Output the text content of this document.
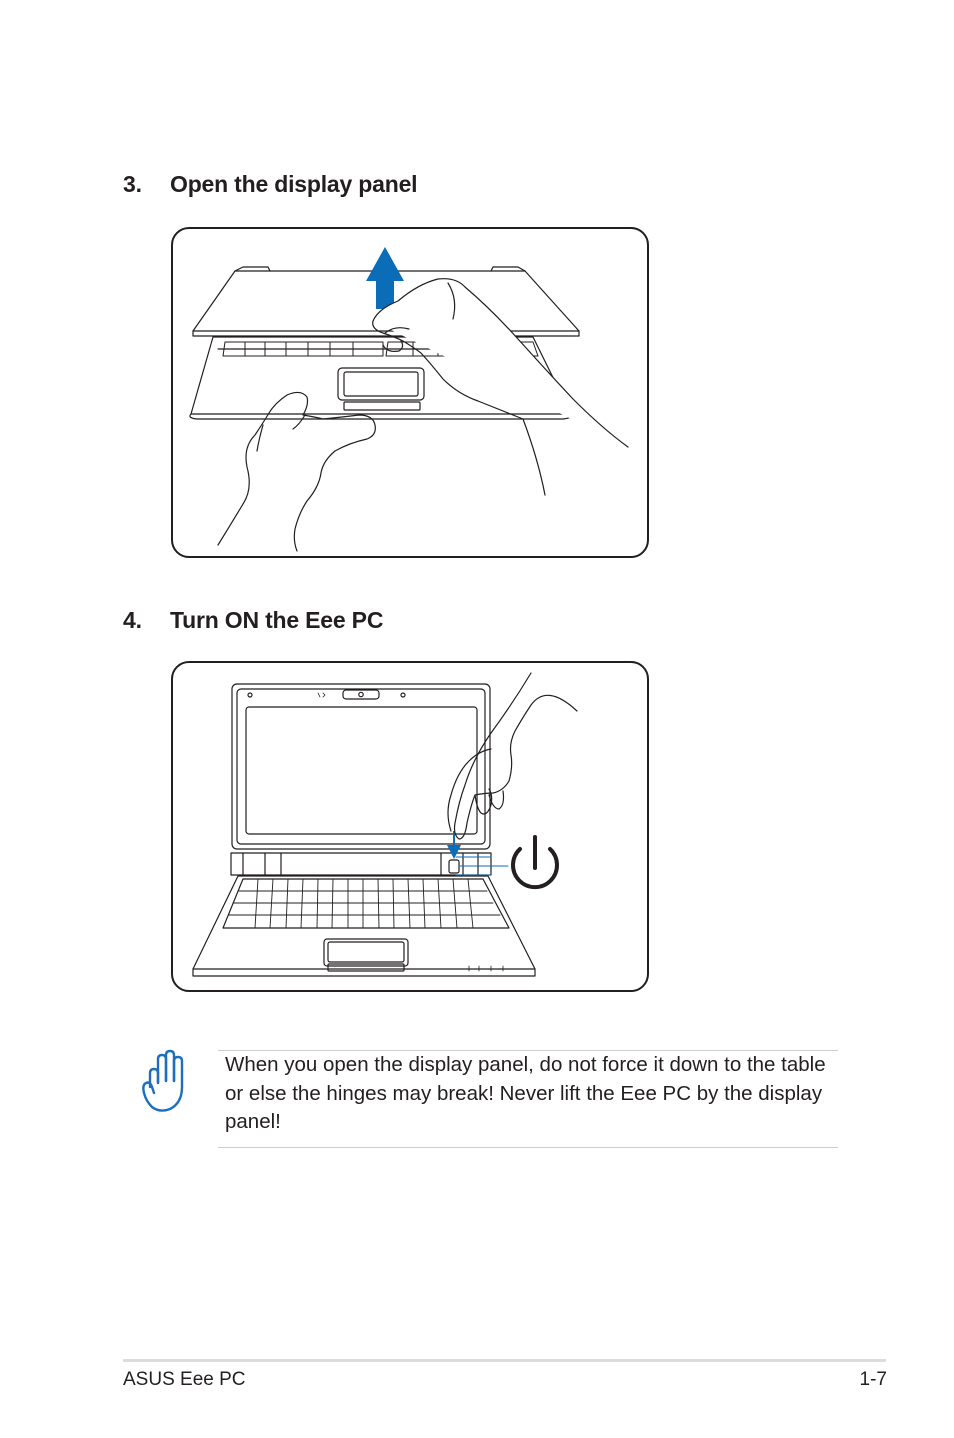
3. Open the display panel
4. Turn ON the Eee PC
When you open the display panel, do not force it down to the table or else the hinges may break! Never lift the Eee PC by the display panel!
ASUS Eee PC	1-7
